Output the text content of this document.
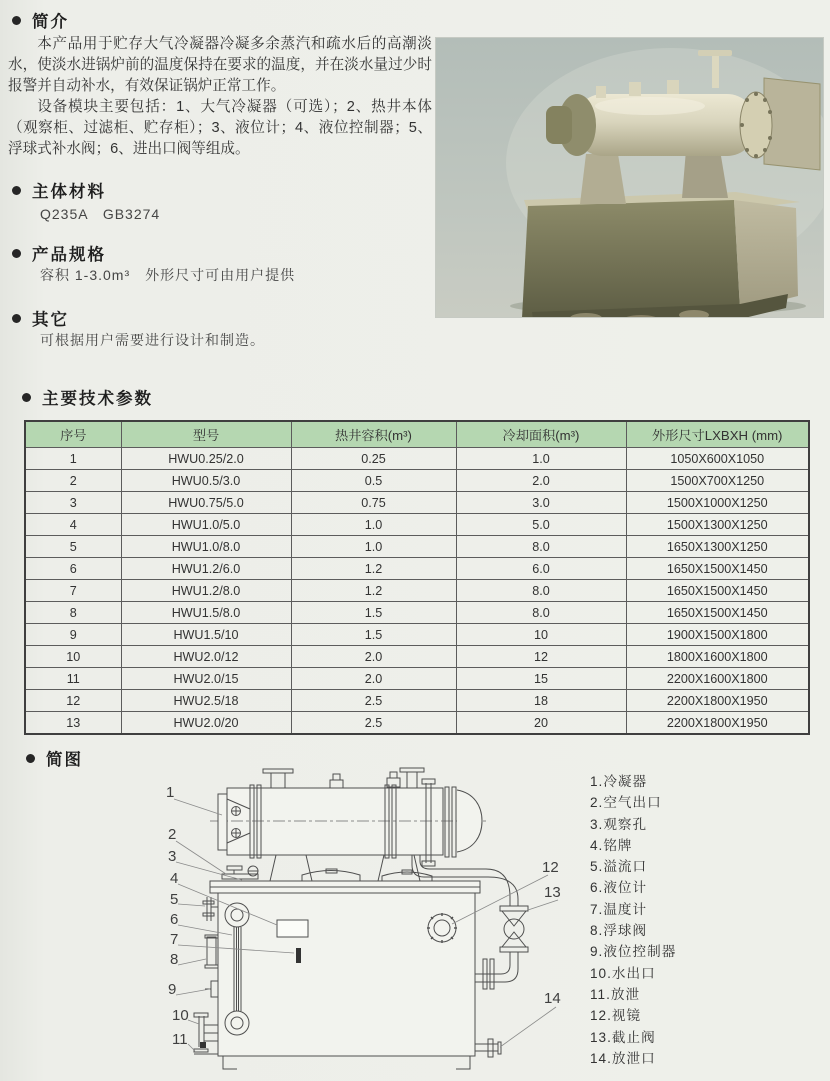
简介

本产品用于贮存大气冷凝器冷凝多余蒸汽和疏水后的高潮淡水，使淡水进锅炉前的温度保持在要求的温度，并在淡水量过少时报警并自动补水，有效保证锅炉正常工作。

设备模块主要包括：1、大气冷凝器（可选）；2、热井本体（观察柜、过滤柜、贮存柜）；3、液位计；4、液位控制器；5、浮球式补水阀；6、进出口阀等组成。

主体材料
Q235A　GB3274
产品规格
容积 1-3.0m³　外形尺寸可由用户提供
其它
可根据用户需要进行设计和制造。
主要技术参数
序号	型号	热井容积(m³)	冷却面积(m³)	外形尺寸LXBXH (mm)
1	HWU0.25/2.0	0.25	1.0	1050X600X1050
2	HWU0.5/3.0	0.5	2.0	1500X700X1250
3	HWU0.75/5.0	0.75	3.0	1500X1000X1250
4	HWU1.0/5.0	1.0	5.0	1500X1300X1250
5	HWU1.0/8.0	1.0	8.0	1650X1300X1250
6	HWU1.2/6.0	1.2	6.0	1650X1500X1450
7	HWU1.2/8.0	1.2	8.0	1650X1500X1450
8	HWU1.5/8.0	1.5	8.0	1650X1500X1450
9	HWU1.5/10	1.5	10	1900X1500X1800
10	HWU2.0/12	2.0	12	1800X1600X1800
11	HWU2.0/15	2.0	15	2200X1600X1800
12	HWU2.5/18	2.5	18	2200X1800X1950
13	HWU2.0/20	2.5	20	2200X1800X1950
简图
1
2
3
4
5
6
7
8
9
10
11
12
13
14
1.冷凝器
2.空气出口
3.观察孔
4.铭牌
5.溢流口
6.液位计
7.温度计
8.浮球阀
9.液位控制器
10.水出口
11.放泄
12.视镜
13.截止阀
14.放泄口
